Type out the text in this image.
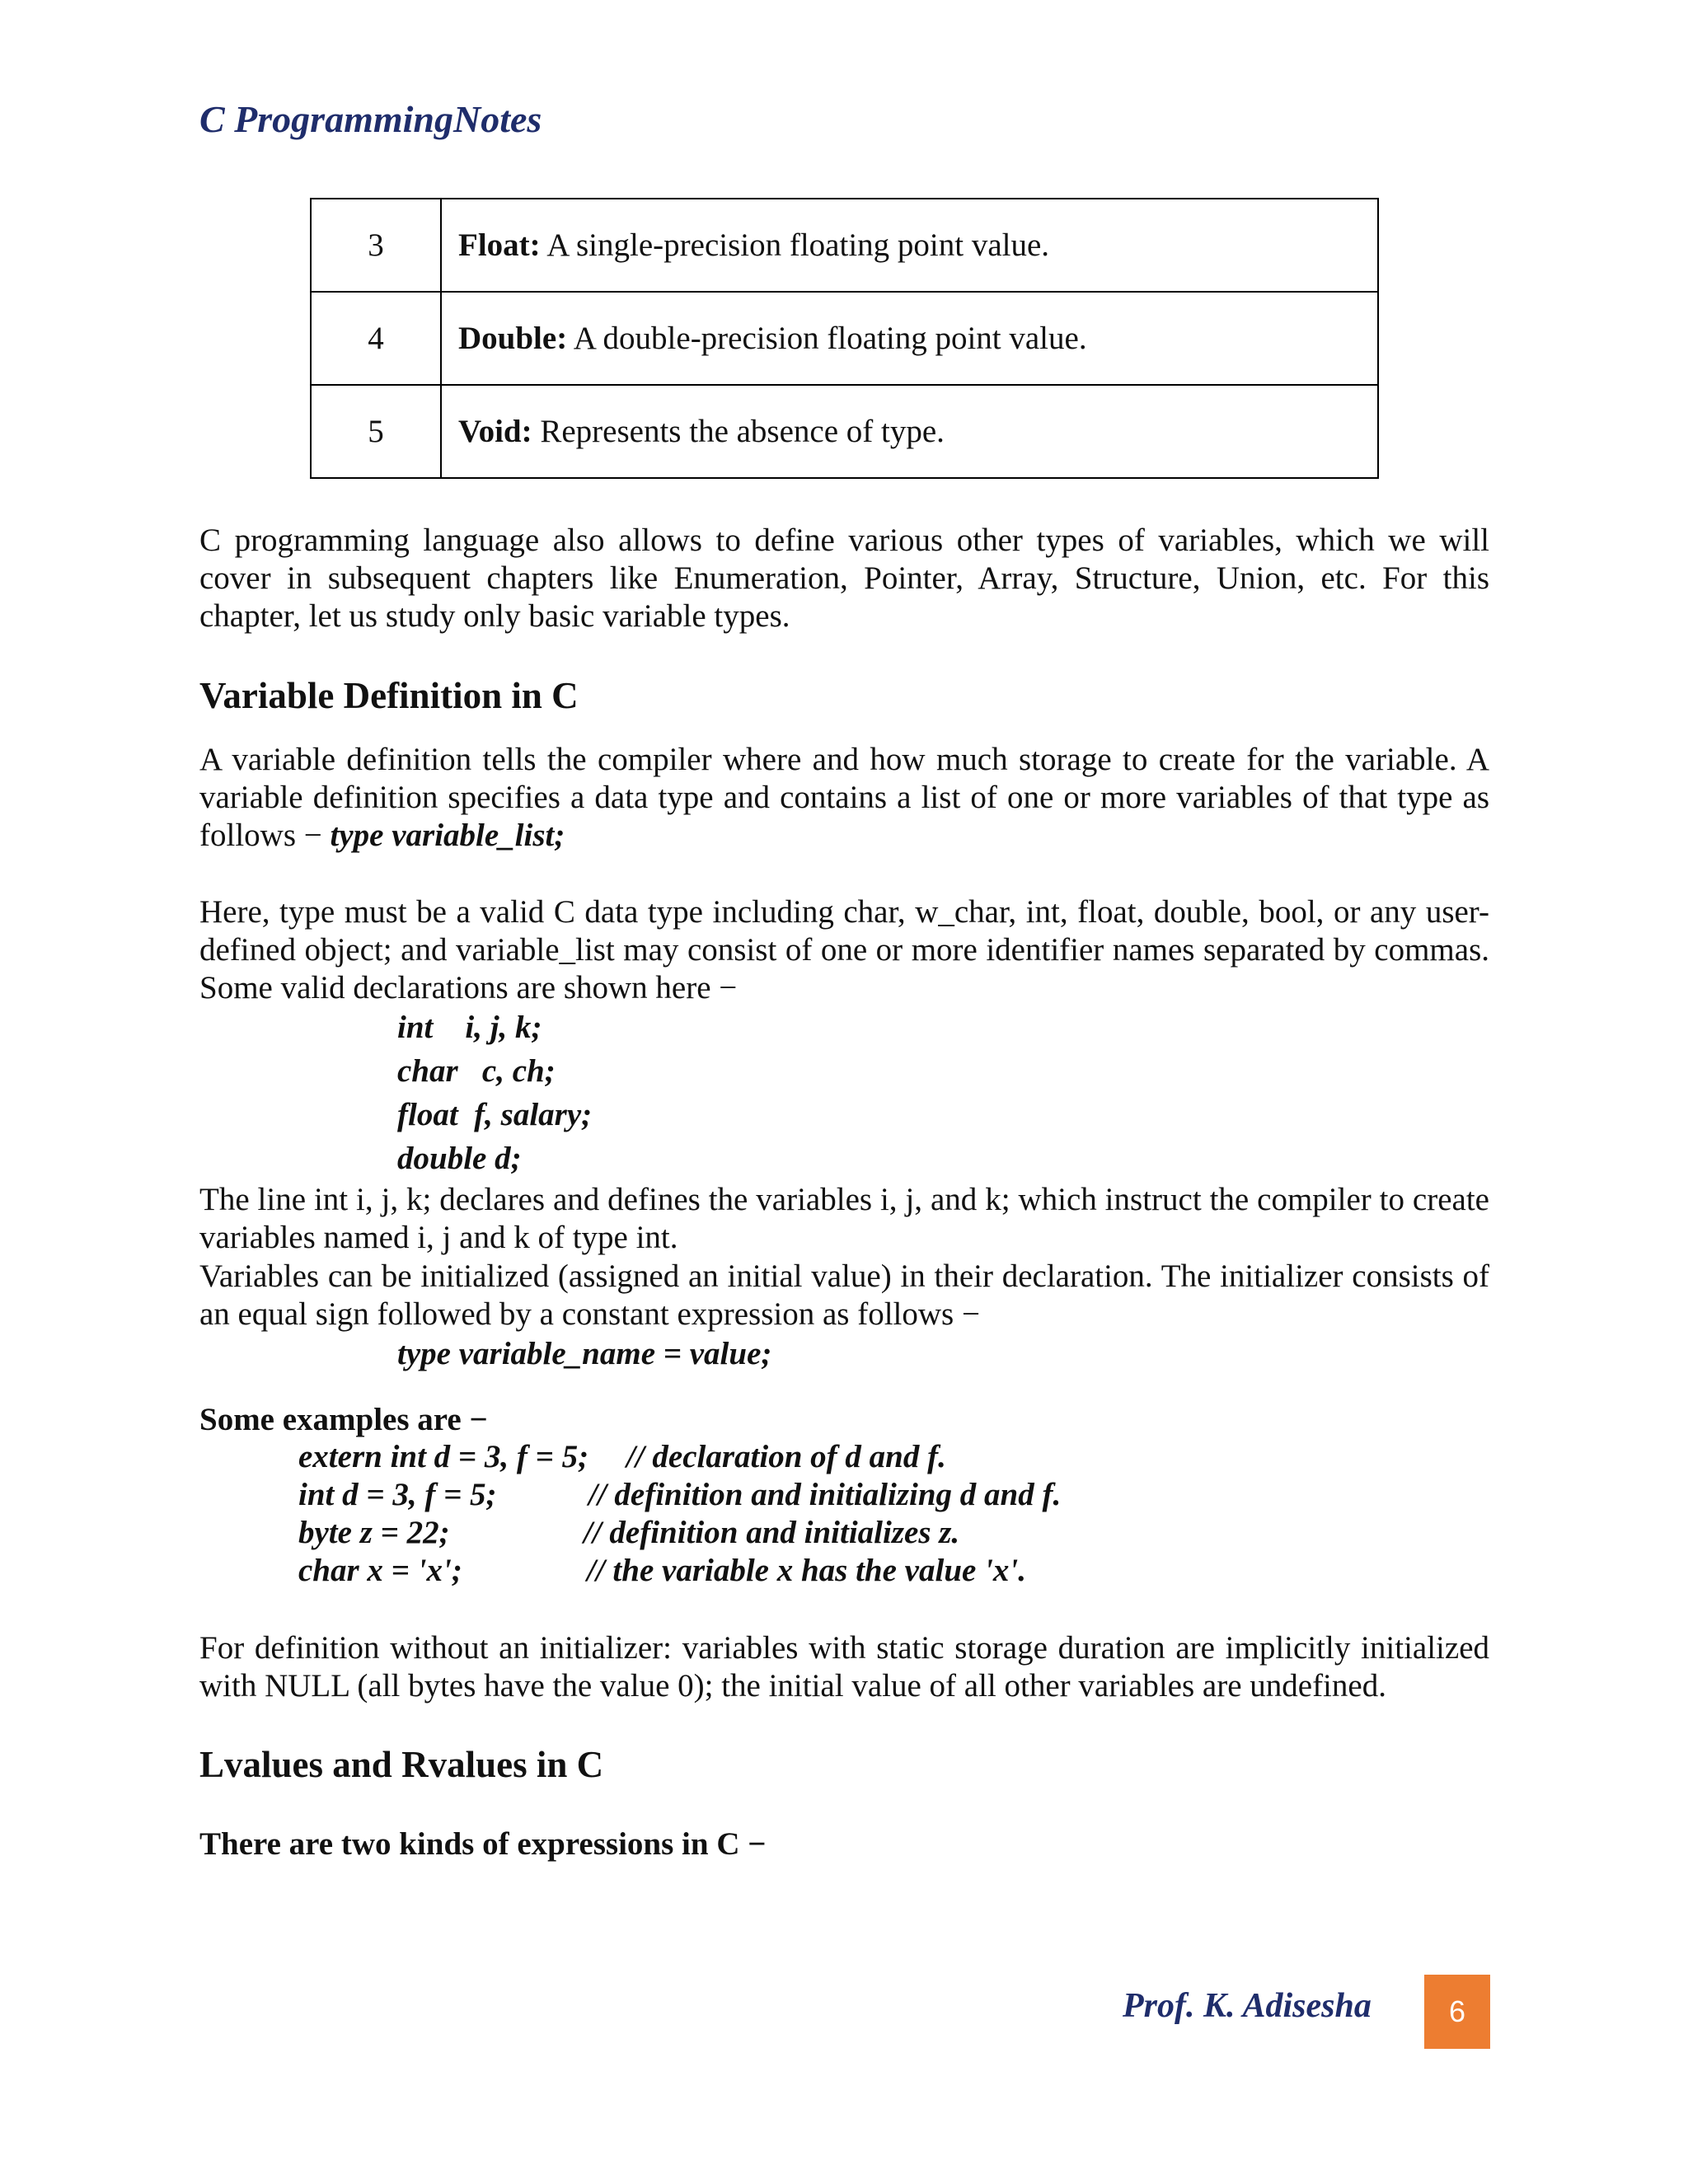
C ProgrammingNotes
3	Float: A single-precision floating point value.
4	Double: A double-precision floating point value.
5	Void: Represents the absence of type.

C programming language also allows to define various other types of variables, which we will cover in subsequent chapters like Enumeration, Pointer, Array, Structure, Union, etc. For this chapter, let us study only basic variable types.

Variable Definition in C

A variable definition tells the compiler where and how much storage to create for the variable. A variable definition specifies a data type and contains a list of one or more variables of that type as follows − type variable_list;

Here, type must be a valid C data type including char, w_char, int, float, double, bool, or any user-defined object; and variable_list may consist of one or more identifier names separated by commas. Some valid declarations are shown here −

int    i, j, k;
char   c, ch;
float  f, salary;
double d;

The line int i, j, k; declares and defines the variables i, j, and k; which instruct the compiler to create variables named i, j and k of type int.

Variables can be initialized (assigned an initial value) in their declaration. The initializer consists of an equal sign followed by a constant expression as follows −

type variable_name = value;

Some examples are −

extern int d = 3, f = 5; // declaration of d and f.
int d = 3, f = 5;	// definition and initializing d and f.
byte z = 22;	// definition and initializes z.
char x = 'x';	// the variable x has the value 'x'.

For definition without an initializer: variables with static storage duration are implicitly initialized with NULL (all bytes have the value 0); the initial value of all other variables are undefined.

Lvalues and Rvalues in C

There are two kinds of expressions in C −

Prof. K. Adisesha	6
